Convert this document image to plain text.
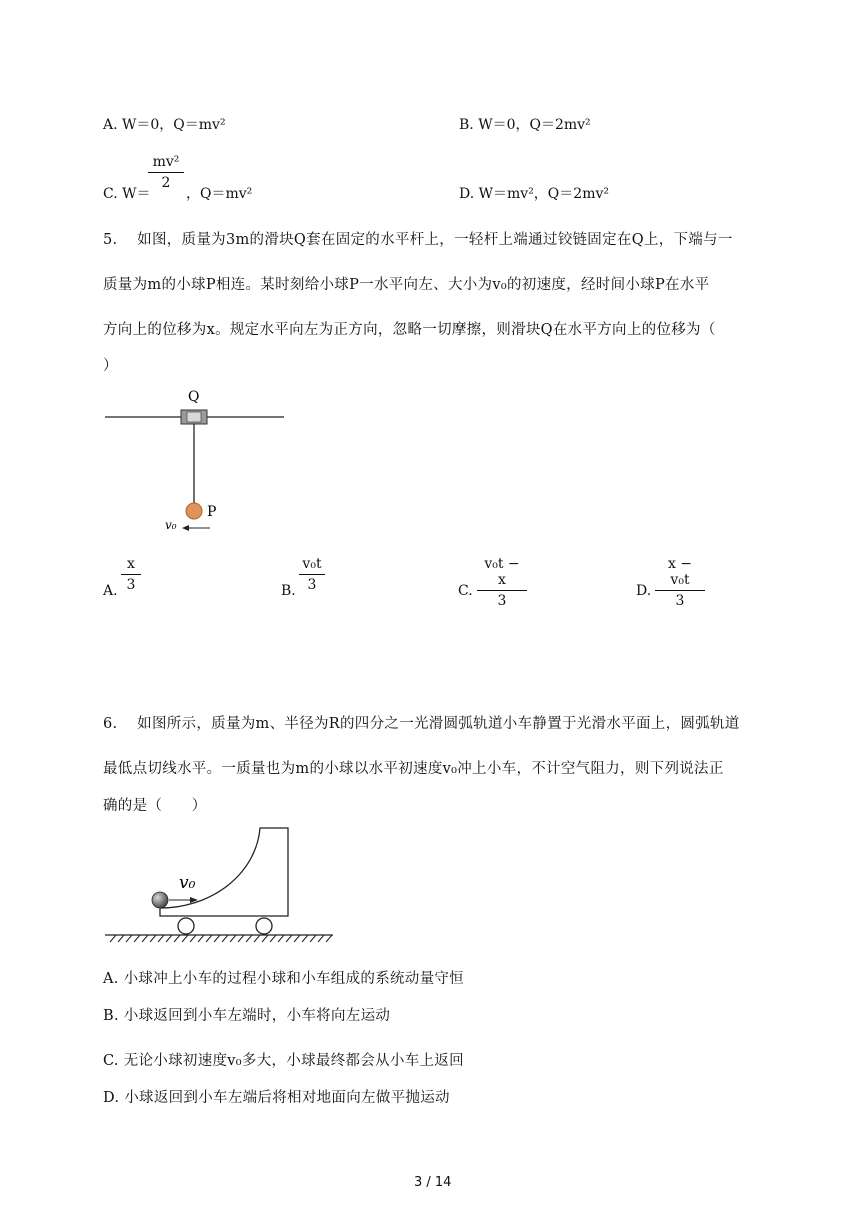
A. W＝0，Q＝mv²	B. W＝0，Q＝2mv²
C. W＝
$\frac{\text{mv²}}{2}$
，Q＝mv²	D. W＝mv²，Q＝2mv²
5.　 如图，质量为3m的滑块Q套在固定的水平杆上，一轻杆上端通过铰链固定在Q上，下端与一
质量为m的小球P相连。某时刻给小球P一水平向左、大小为v₀的初速度，经时间小球P在水平
方向上的位移为x。规定水平向左为正方向，忽略一切摩擦，则滑块Q在水平方向上的位移为（
）
Q
P
v₀
A. $\frac{x}{3}$	B. $\frac{\text{v₀t}}{3}$	C. $\frac{\text{v₀t − x}}{3}$	D. $\frac{\text{x − v₀t}}{3}$
6.　 如图所示，质量为m、半径为R的四分之一光滑圆弧轨道小车静置于光滑水平面上，圆弧轨道
最低点切线水平。一质量也为m的小球以水平初速度v₀冲上小车，不计空气阻力，则下列说法正
确的是（　　）
v₀
A. 小球冲上小车的过程小球和小车组成的系统动量守恒
B. 小球返回到小车左端时，小车将向左运动
C. 无论小球初速度v₀多大，小球最终都会从小车上返回
D. 小球返回到小车左端后将相对地面向左做平抛运动
3 / 14
